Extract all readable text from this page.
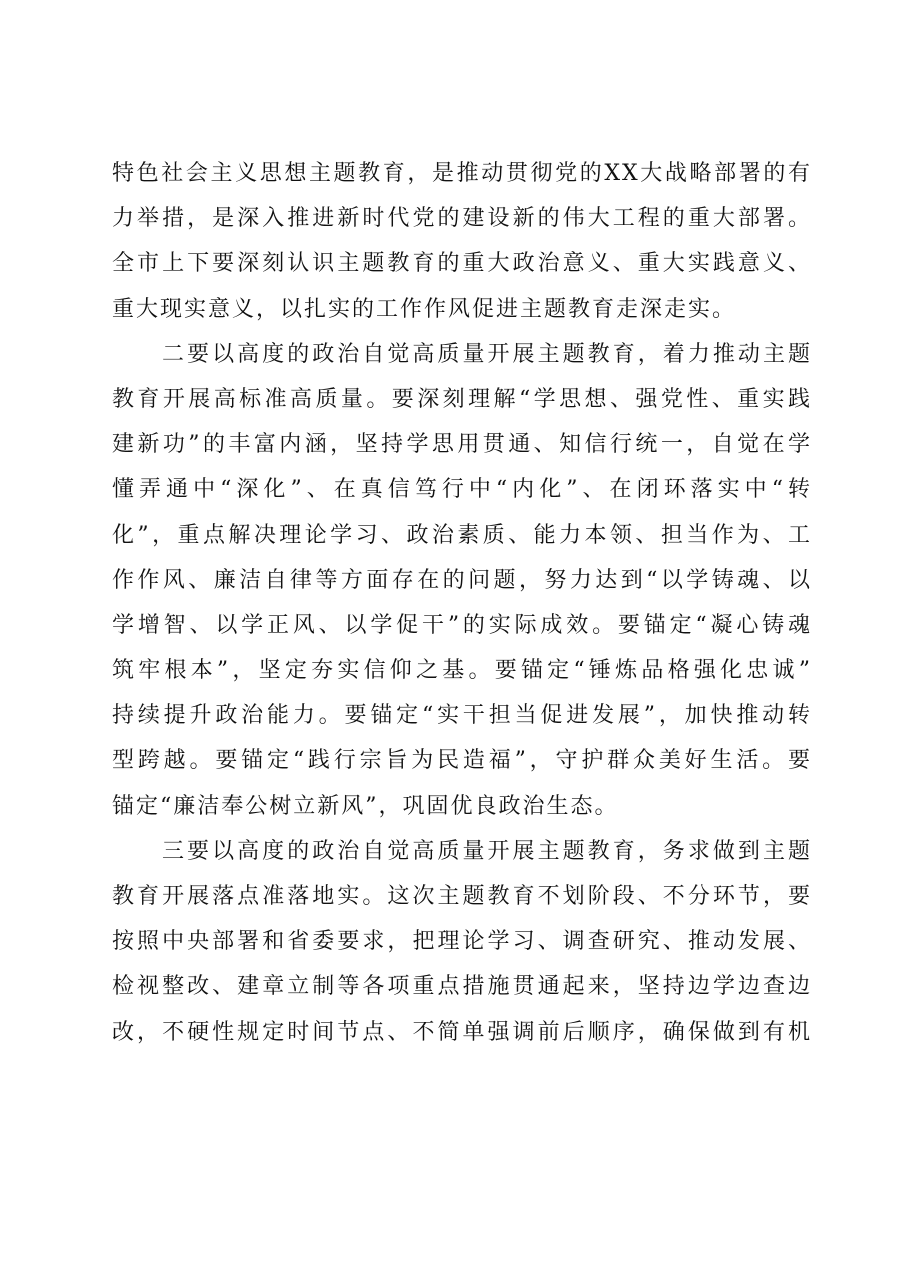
特色社会主义思想主题教育，是推动贯彻党的XX大战略部署的有
力举措，是深入推进新时代党的建设新的伟大工程的重大部署。
全市上下要深刻认识主题教育的重大政治意义、重大实践意义、
重大现实意义，以扎实的工作作风促进主题教育走深走实。
二要以高度的政治自觉高质量开展主题教育，着力推动主题
教育开展高标准高质量。要深刻理解“学思想、强党性、重实践
建新功”的丰富内涵，坚持学思用贯通、知信行统一，自觉在学
懂弄通中“深化”、在真信笃行中“内化”、在闭环落实中“转
化”，重点解决理论学习、政治素质、能力本领、担当作为、工
作作风、廉洁自律等方面存在的问题，努力达到“以学铸魂、以
学增智、以学正风、以学促干”的实际成效。要锚定“凝心铸魂
筑牢根本”，坚定夯实信仰之基。要锚定“锤炼品格强化忠诚”
持续提升政治能力。要锚定“实干担当促进发展”，加快推动转
型跨越。要锚定“践行宗旨为民造福”，守护群众美好生活。要
锚定“廉洁奉公树立新风”，巩固优良政治生态。
三要以高度的政治自觉高质量开展主题教育，务求做到主题
教育开展落点准落地实。这次主题教育不划阶段、不分环节，要
按照中央部署和省委要求，把理论学习、调查研究、推动发展、
检视整改、建章立制等各项重点措施贯通起来，坚持边学边查边
改，不硬性规定时间节点、不简单强调前后顺序，确保做到有机
